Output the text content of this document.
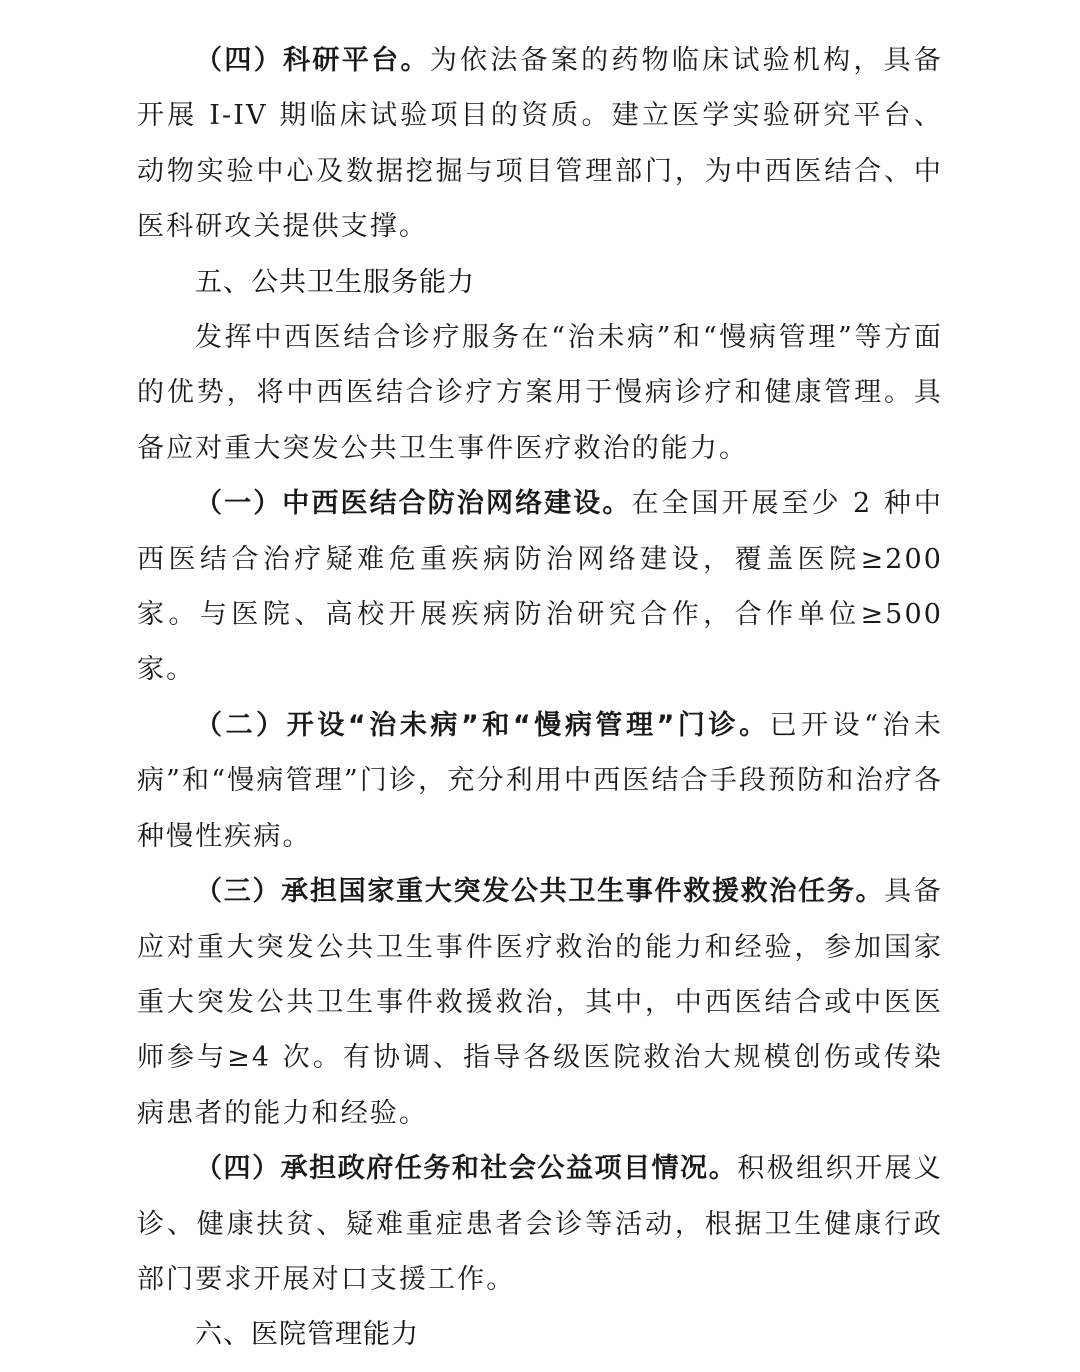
（四）科研平台。为依法备案的药物临床试验机构，具备开展 I-IV 期临床试验项目的资质。建立医学实验研究平台、动物实验中心及数据挖掘与项目管理部门，为中西医结合、中医科研攻关提供支撑。

五、公共卫生服务能力

发挥中西医结合诊疗服务在“治未病”和“慢病管理”等方面的优势，将中西医结合诊疗方案用于慢病诊疗和健康管理。具备应对重大突发公共卫生事件医疗救治的能力。

（一）中西医结合防治网络建设。在全国开展至少 2 种中西医结合治疗疑难危重疾病防治网络建设，覆盖医院≥200 家。与医院、高校开展疾病防治研究合作，合作单位≥500家。

（二）开设“治未病”和“慢病管理”门诊。已开设“治未病”和“慢病管理”门诊，充分利用中西医结合手段预防和治疗各种慢性疾病。

（三）承担国家重大突发公共卫生事件救援救治任务。具备应对重大突发公共卫生事件医疗救治的能力和经验，参加国家重大突发公共卫生事件救援救治，其中，中西医结合或中医医师参与≥4 次。有协调、指导各级医院救治大规模创伤或传染病患者的能力和经验。

（四）承担政府任务和社会公益项目情况。积极组织开展义诊、健康扶贫、疑难重症患者会诊等活动，根据卫生健康行政部门要求开展对口支援工作。

六、医院管理能力
